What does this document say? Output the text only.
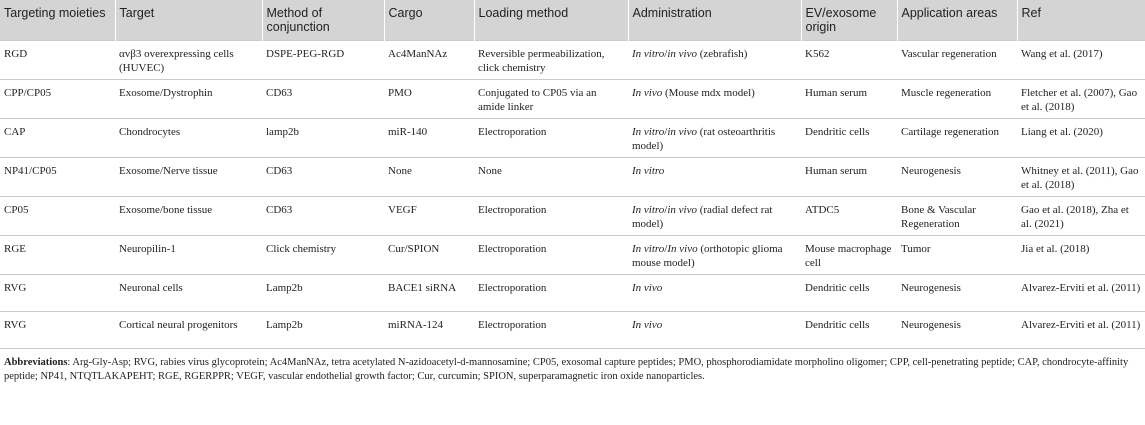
Targeting moieties	Target	Method of conjunction	Cargo	Loading method	Administration	EV/exosome origin	Application areas	Ref
RGD	αvβ3 overexpressing cells (HUVEC)	DSPE-PEG-RGD	Ac4ManNAz	Reversible permeabilization, click chemistry	In vitro/in vivo (zebrafish)	K562	Vascular regeneration	Wang et al. (2017)
CPP/CP05	Exosome/Dystrophin	CD63	PMO	Conjugated to CP05 via an amide linker	In vivo (Mouse mdx model)	Human serum	Muscle regeneration	Fletcher et al. (2007), Gao et al. (2018)
CAP	Chondrocytes	lamp2b	miR-140	Electroporation	In vitro/in vivo (rat osteoarthritis model)	Dendritic cells	Cartilage regeneration	Liang et al. (2020)
NP41/CP05	Exosome/Nerve tissue	CD63	None	None	In vitro	Human serum	Neurogenesis	Whitney et al. (2011), Gao et al. (2018)
CP05	Exosome/bone tissue	CD63	VEGF	Electroporation	In vitro/in vivo (radial defect rat model)	ATDC5	Bone & Vascular Regeneration	Gao et al. (2018), Zha et al. (2021)
RGE	Neuropilin-1	Click chemistry	Cur/SPION	Electroporation	In vitro/In vivo (orthotopic glioma mouse model)	Mouse macrophage cell	Tumor	Jia et al. (2018)
RVG	Neuronal cells	Lamp2b	BACE1 siRNA	Electroporation	In vivo	Dendritic cells	Neurogenesis	Alvarez-Erviti et al. (2011)
RVG	Cortical neural progenitors	Lamp2b	miRNA-124	Electroporation	In vivo	Dendritic cells	Neurogenesis	Alvarez-Erviti et al. (2011)
Abbreviations: Arg-Gly-Asp; RVG, rabies virus glycoprotein; Ac4ManNAz, tetra acetylated N-azidoacetyl-d-mannosamine; CP05, exosomal capture peptides; PMO, phosphorodiamidate morpholino oligomer; CPP, cell-penetrating peptide; CAP, chondrocyte-affinity peptide; NP41, NTQTLAKAPEHT; RGE, RGERPPR; VEGF, vascular endothelial growth factor; Cur, curcumin; SPION, superparamagnetic iron oxide nanoparticles.
